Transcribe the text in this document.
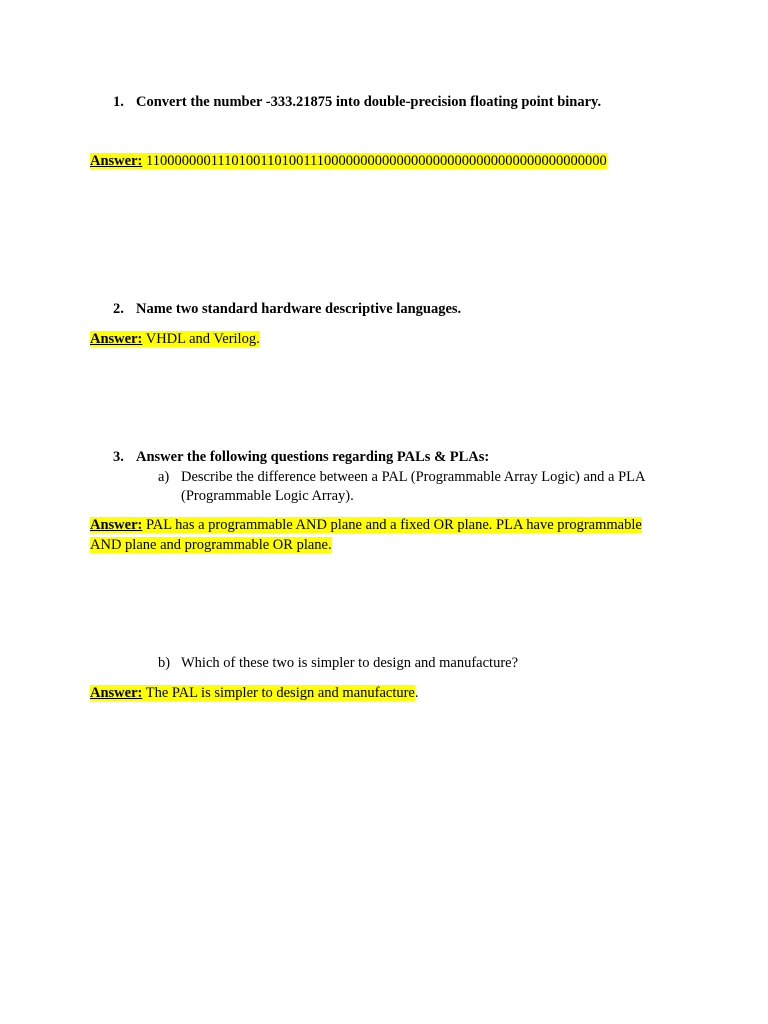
1. Convert the number -333.21875 into double-precision floating point binary.
Answer: 1100000001110100110100111000000000000000000000000000000000000000
2. Name two standard hardware descriptive languages.
Answer: VHDL and Verilog.
3. Answer the following questions regarding PALs & PLAs:
a) Describe the difference between a PAL (Programmable Array Logic) and a PLA
(Programmable Logic Array).
Answer: PAL has a programmable AND plane and a fixed OR plane. PLA have programmable
AND plane and programmable OR plane.
b) Which of these two is simpler to design and manufacture?
Answer: The PAL is simpler to design and manufacture.
